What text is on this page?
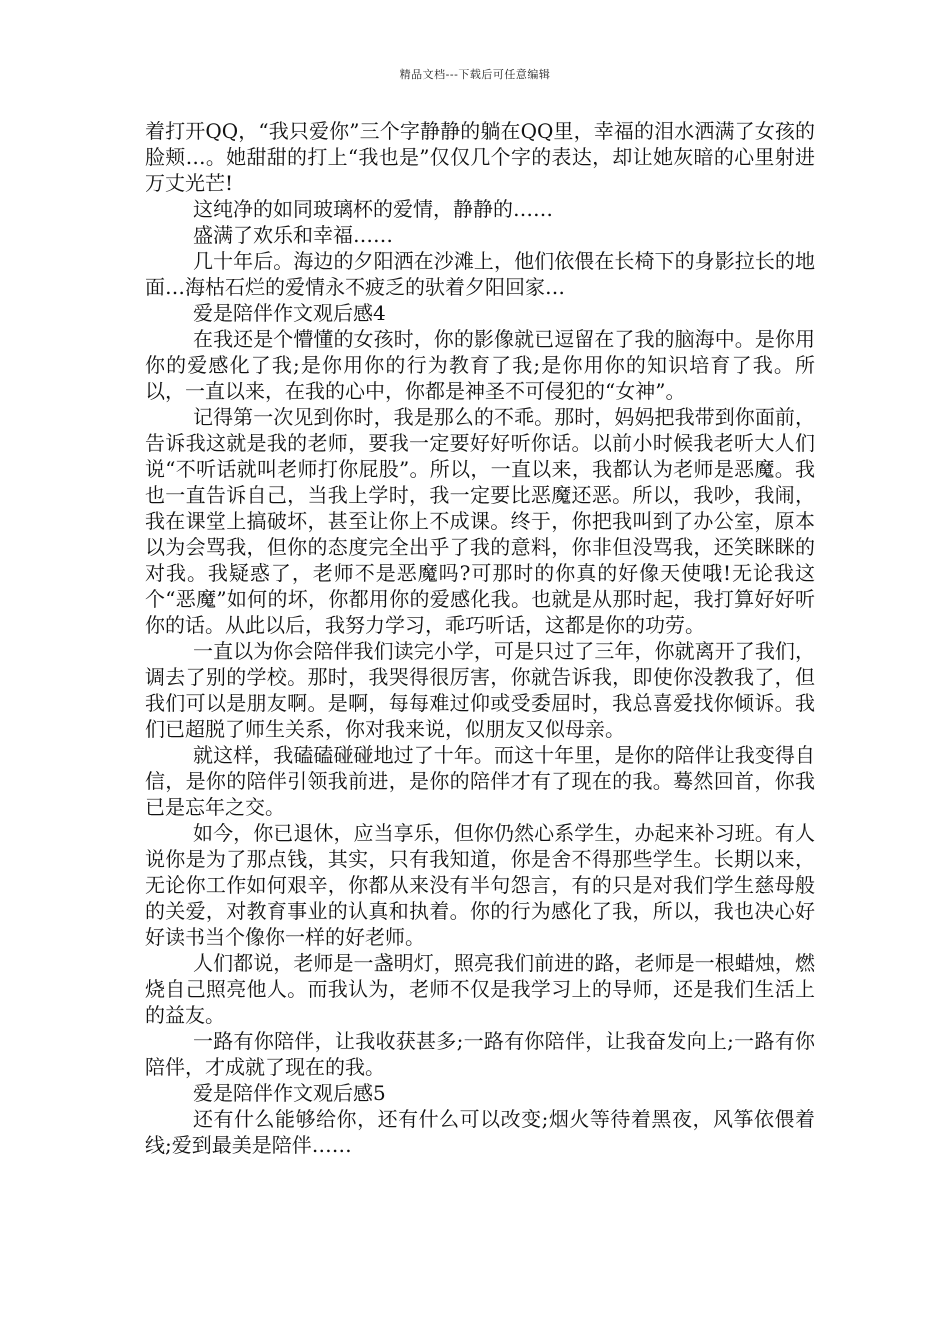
精品文档---下载后可任意编辑

着打开QQ，“我只爱你”三个字静静的躺在QQ里，幸福的泪水洒满了女孩的脸颊…。她甜甜的打上“我也是”仅仅几个字的表达，却让她灰暗的心里射进万丈光芒!

这纯净的如同玻璃杯的爱情，静静的……

盛满了欢乐和幸福……

几十年后。海边的夕阳洒在沙滩上，他们依偎在长椅下的身影拉长的地面…海枯石烂的爱情永不疲乏的驮着夕阳回家…

爱是陪伴作文观后感4

在我还是个懵懂的女孩时，你的影像就已逗留在了我的脑海中。是你用你的爱感化了我;是你用你的行为教育了我;是你用你的知识培育了我。所以，一直以来，在我的心中，你都是神圣不可侵犯的“女神”。

记得第一次见到你时，我是那么的不乖。那时，妈妈把我带到你面前，告诉我这就是我的老师，要我一定要好好听你话。以前小时候我老听大人们说“不听话就叫老师打你屁股”。所以，一直以来，我都认为老师是恶魔。我也一直告诉自己，当我上学时，我一定要比恶魔还恶。所以，我吵，我闹，我在课堂上搞破坏，甚至让你上不成课。终于，你把我叫到了办公室，原本以为会骂我，但你的态度完全出乎了我的意料，你非但没骂我，还笑眯眯的对我。我疑惑了，老师不是恶魔吗?可那时的你真的好像天使哦!无论我这个“恶魔”如何的坏，你都用你的爱感化我。也就是从那时起，我打算好好听你的话。从此以后，我努力学习，乖巧听话，这都是你的功劳。

一直以为你会陪伴我们读完小学，可是只过了三年，你就离开了我们，调去了别的学校。那时，我哭得很厉害，你就告诉我，即使你没教我了，但我们可以是朋友啊。是啊，每每难过仰或受委屈时，我总喜爱找你倾诉。我们已超脱了师生关系，你对我来说，似朋友又似母亲。

就这样，我磕磕碰碰地过了十年。而这十年里，是你的陪伴让我变得自信，是你的陪伴引领我前进，是你的陪伴才有了现在的我。蓦然回首，你我已是忘年之交。

如今，你已退休，应当享乐，但你仍然心系学生，办起来补习班。有人说你是为了那点钱，其实，只有我知道，你是舍不得那些学生。长期以来，无论你工作如何艰辛，你都从来没有半句怨言，有的只是对我们学生慈母般的关爱，对教育事业的认真和执着。你的行为感化了我，所以，我也决心好好读书当个像你一样的好老师。

人们都说，老师是一盏明灯，照亮我们前进的路，老师是一根蜡烛，燃烧自己照亮他人。而我认为，老师不仅是我学习上的导师，还是我们生活上的益友。

一路有你陪伴，让我收获甚多;一路有你陪伴，让我奋发向上;一路有你陪伴，才成就了现在的我。

爱是陪伴作文观后感5

还有什么能够给你，还有什么可以改变;烟火等待着黑夜，风筝依偎着线;爱到最美是陪伴……
